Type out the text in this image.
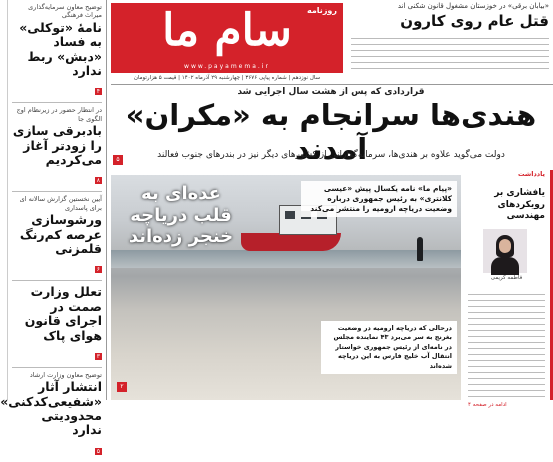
توضیح معاون سرمایه‌گذاری میراث فرهنگی
نامهٔ «توکلی» به فساد «دبش» ربط ندارد
۴
در انتظار حضور در زیرنظام اوج الگوی جا
بادبرقی سازی را زودتر آغاز می‌کردیم
۸
آیین نخستین گزارش سالانه ای برای پاسداری
ورشوسازی عرصه کم‌رنگ قلمزنی
۶
تعلل وزارت صمت در اجرای قانون هوای پاک
۳
توضیح معاون وزارت ارشاد
انتشار آثار «شفیعی‌کدکنی» محدودیتی ندارد
۵
روزنامه
سام ما
www.payamema.ir
سال نوزدهم | شماره پیاپی ۳۶۷۶ | چهارشنبه ۲۹ آذرماه ۱۴۰۲ | قیمت ۵ هزارتومان
«بیابان برقی» در خوزستان مشغول قانون شکنی اند
قتل عام روی کارون
قراردادی که پس از هشت سال اجرایی شد
هندی‌ها سرانجام به «مکران» آمدند
دولت می‌گوید علاوه بر هندی‌ها، سرمایه‌گذارانی از کشورهای دیگر نیز در بندرهای جنوب فعالند
۵
عده‌ای به قلب دریاچه خنجر زده‌اند
«پیام ما» نامه یکسال پیش «عیسی کلانتری» به رئیس جمهوری درباره وضعیت دریاچه ارومیه را منتشر می‌کند
درحالی که دریاچه ارومیه در وضعیت بغرنج به سر می‌برد ۴۳ نماینده مجلس در نامه‌ای از رئیس جمهوری خواستار انتقال آب خلیج فارس به این دریاچه شده‌اند
۲
یادداشت
یافشاری بر رویکردهای مهندسی
فاطمه کریمی
ادامه در صفحه ۴
